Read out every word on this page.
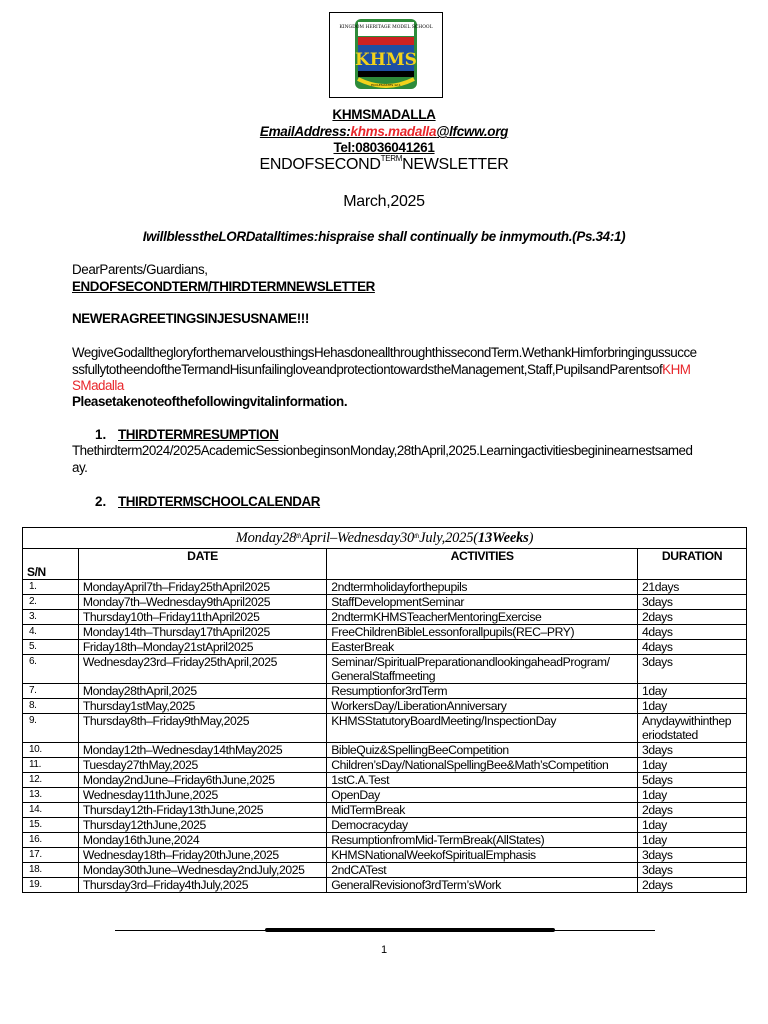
KINGDOM HERITAGE MODEL SCHOOL
KHMS
ECCLESIASTES 12:1
KHMSMADALLA
EmailAddress:khms.madalla@lfcww.org
Tel:08036041261
$ENDOFSECOND^{TERM}NEWSLETTER$
March,2025
IwillblesstheLORDatalltimes:hispraise shall continually be inmymouth.(Ps.34:1)
DearParents/Guardians,
ENDOFSECONDTERM/THIRDTERMNEWSLETTER
NEWERAGREETINGSINJESUSNAME!!!
WegiveGodallthegloryforthemarvelousthingsHehasdoneallthroughthissecondTerm.WethankHimforbringingussuccessfullytotheendoftheTermandHisunfailingloveandprotectiontowardstheManagement,Staff,PupilsandParentsofKHMSMadalla
Pleasetakenoteofthefollowingvitalinformation.
1. THIRDTERMRESUMPTION
Thethirdterm2024/2025AcademicSessionbeginsonMonday,28thApril,2025.Learningactivitiesbegininearnestsameday.
2. THIRDTERMSCHOOLCALENDAR
Monday28thApril–Wednesday30thJuly,2025(13Weeks)			
S/N	DATE	ACTIVITIES	DURATION
1.	MondayApril7th–Friday25thApril2025	2ndtermholidayforthepupils	21days
2.	Monday7th–Wednesday9thApril2025	StaffDevelopmentSeminar	3days
3.	Thursday10th–Friday11thApril2025	2ndtermKHMSTeacherMentoringExercise	2days
4.	Monday14th–Thursday17thApril2025	FreeChildrenBibleLessonforallpupils(REC–PRY)	4days
5.	Friday18th–Monday21stApril2025	EasterBreak	4days
6.	Wednesday23rd–Friday25thApril,2025	Seminar/SpiritualPreparationandlookingaheadProgram/ GeneralStaffmeeting	3days
7.	Monday28thApril,2025	Resumptionfor3rdTerm	1day
8.	Thursday1stMay,2025	WorkersDay/LiberationAnniversary	1day
9.	Thursday8th–Friday9thMay,2025	KHMSStatutoryBoardMeeting/InspectionDay	Anydaywithinthep eriodstated
10.	Monday12th–Wednesday14thMay2025	BibleQuiz&SpellingBeeCompetition	3days
11.	Tuesday27thMay,2025	Children’sDay/NationalSpellingBee&Math’sCompetition	1day
12.	Monday2ndJune–Friday6thJune,2025	1stC.A.Test	5days
13.	Wednesday11thJune,2025	OpenDay	1day
14.	Thursday12th-Friday13thJune,2025	MidTermBreak	2days
15.	Thursday12thJune,2025	Democracyday	1day
16.	Monday16thJune,2024	ResumptionfromMid-TermBreak(AllStates)	1day
17.	Wednesday18th–Friday20thJune,2025	KHMSNationalWeekofSpiritualEmphasis	3days
18.	Monday30thJune–Wednesday2ndJuly,2025	2ndCATest	3days
19.	Thursday3rd–Friday4thJuly,2025	GeneralRevisionof3rdTerm’sWork	2days
1
